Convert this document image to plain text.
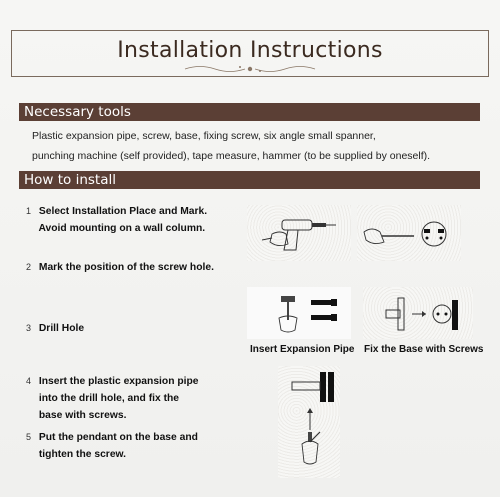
Installation Instructions
Necessary tools
Plastic expansion pipe, screw, base, fixing screw, six angle small spanner,
punching machine (self provided), tape measure, hammer (to be supplied by oneself).
How to install
1 Select Installation Place and Mark.
Avoid mounting on a wall column.
2 Mark the position of the screw hole.
3 Drill Hole
4 Insert the plastic expansion pipe
into the drill hole, and fix the
base with screws.
5 Put the pendant on the base and
tighten the screw.
Insert Expansion Pipe Fix the Base with Screws
